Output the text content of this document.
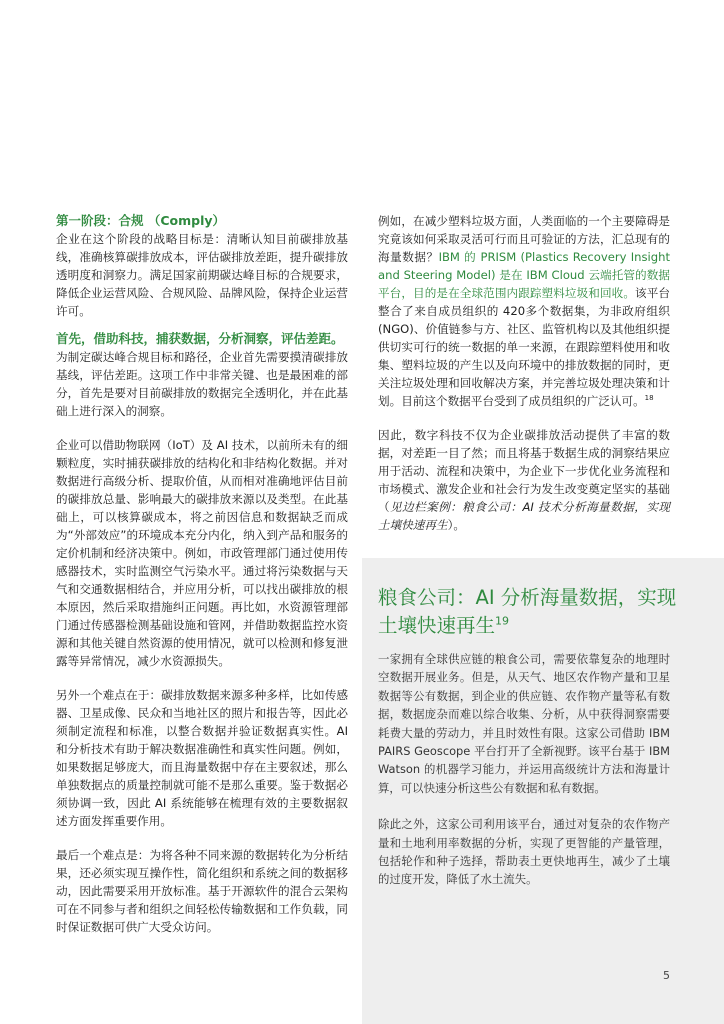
第一阶段：合规 （Comply）

企业在这个阶段的战略目标是：清晰认知目前碳排放基线，准确核算碳排放成本，评估碳排放差距，提升碳排放透明度和洞察力。满足国家前期碳达峰目标的合规要求，降低企业运营风险、合规风险、品牌风险，保持企业运营许可。

首先，借助科技，捕获数据，分析洞察，评估差距。

为制定碳达峰合规目标和路径，企业首先需要摸清碳排放基线，评估差距。这项工作中非常关键、也是最困难的部分，首先是要对目前碳排放的数据完全透明化，并在此基础上进行深入的洞察。

企业可以借助物联网（IoT）及 AI 技术，以前所未有的细颗粒度，实时捕获碳排放的结构化和非结构化数据。并对数据进行高级分析、提取价值，从而相对准确地评估目前的碳排放总量、影响最大的碳排放来源以及类型。在此基础上，可以核算碳成本，将之前因信息和数据缺乏而成为“外部效应”的环境成本充分内化，纳入到产品和服务的定价机制和经济决策中。例如，市政管理部门通过使用传感器技术，实时监测空气污染水平。通过将污染数据与天气和交通数据相结合，并应用分析，可以找出碳排放的根本原因，然后采取措施纠正问题。再比如，水资源管理部门通过传感器检测基础设施和管网，并借助数据监控水资源和其他关键自然资源的使用情况，就可以检测和修复泄露等异常情况，减少水资源损失。

另外一个难点在于：碳排放数据来源多种多样，比如传感器、卫星成像、民众和当地社区的照片和报告等，因此必须制定流程和标准，以整合数据并验证数据真实性。AI 和分析技术有助于解决数据准确性和真实性问题。例如，如果数据足够庞大，而且海量数据中存在主要叙述，那么单独数据点的质量控制就可能不是那么重要。鉴于数据必须协调一致，因此 AI 系统能够在梳理有效的主要数据叙述方面发挥重要作用。

最后一个难点是：为将各种不同来源的数据转化为分析结果，还必须实现互操作性，简化组织和系统之间的数据移动，因此需要采用开放标准。基于开源软件的混合云架构可在不同参与者和组织之间轻松传输数据和工作负载，同时保证数据可供广大受众访问。

例如，在减少塑料垃圾方面，人类面临的一个主要障碍是究竟该如何采取灵活可行而且可验证的方法，汇总现有的海量数据？IBM 的 PRISM (Plastics Recovery Insight and Steering Model) 是在 IBM Cloud 云端托管的数据平台，目的是在全球范围内跟踪塑料垃圾和回收。该平台整合了来自成员组织的 420多个数据集，为非政府组织 (NGO)、价值链参与方、社区、监管机构以及其他组织提供切实可行的统一数据的单一来源，在跟踪塑料使用和收集、塑料垃圾的产生以及向环境中的排放数据的同时，更关注垃圾处理和回收解决方案，并完善垃圾处理决策和计划。目前这个数据平台受到了成员组织的广泛认可。$^{18}$

因此，数字科技不仅为企业碳排放活动提供了丰富的数据，对差距一目了然；而且将基于数据生成的洞察结果应用于活动、流程和决策中，为企业下一步优化业务流程和市场模式、激发企业和社会行为发生改变奠定坚实的基础（见边栏案例：粮食公司：AI 技术分析海量数据，实现土壤快速再生）。

粮食公司：AI 分析海量数据，实现土壤快速再生$^{19}$

一家拥有全球供应链的粮食公司，需要依靠复杂的地理时空数据开展业务。但是，从天气、地区农作物产量和卫星数据等公有数据，到企业的供应链、农作物产量等私有数据，数据庞杂而难以综合收集、分析，从中获得洞察需要耗费大量的劳动力，并且时效性有限。这家公司借助 IBM PAIRS Geoscope 平台打开了全新视野。该平台基于 IBM Watson 的机器学习能力，并运用高级统计方法和海量计算，可以快速分析这些公有数据和私有数据。

除此之外，这家公司利用该平台，通过对复杂的农作物产量和土地利用率数据的分析，实现了更智能的产量管理，包括轮作和种子选择，帮助表土更快地再生，减少了土壤的过度开发，降低了水土流失。

5
